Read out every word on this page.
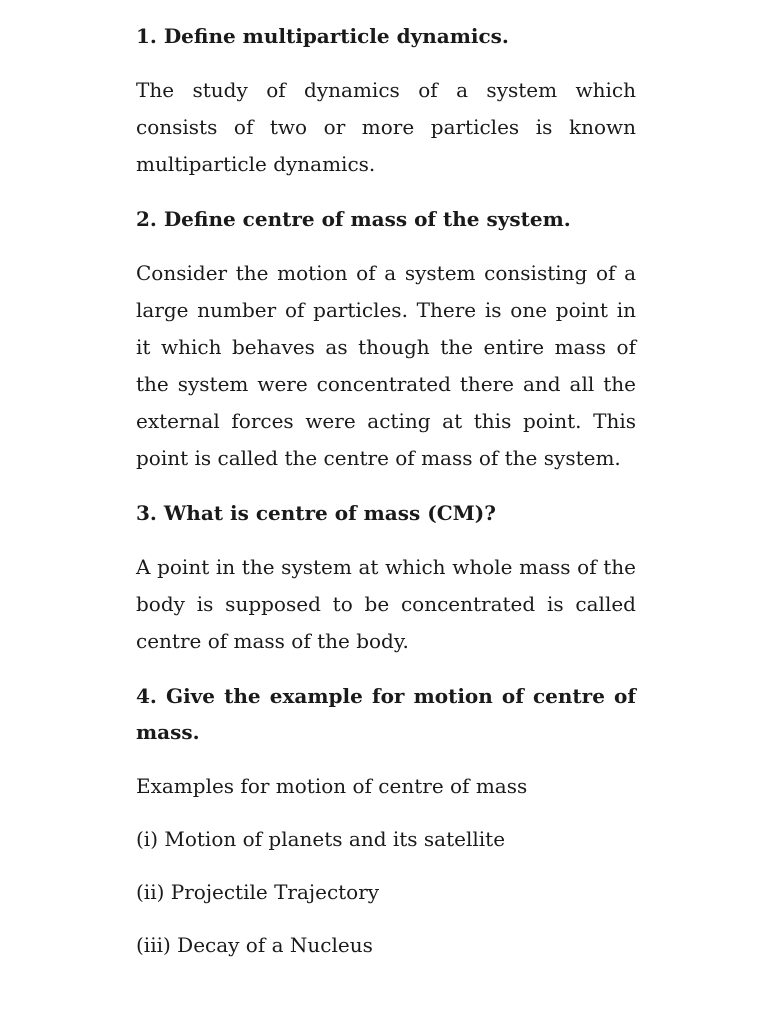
1. Define multiparticle dynamics.

The study of dynamics of a system which consists of two or more particles is known multiparticle dynamics.

2. Define centre of mass of the system.

Consider the motion of a system consisting of a large number of particles. There is one point in it which behaves as though the entire mass of the system were concentrated there and all the external forces were acting at this point. This point is called the centre of mass of the system.

3. What is centre of mass (CM)?

A point in the system at which whole mass of the body is supposed to be concentrated is called centre of mass of the body.

4. Give the example for motion of centre of mass.

Examples for motion of centre of mass

(i) Motion of planets and its satellite

(ii) Projectile Trajectory

(iii) Decay of a Nucleus
